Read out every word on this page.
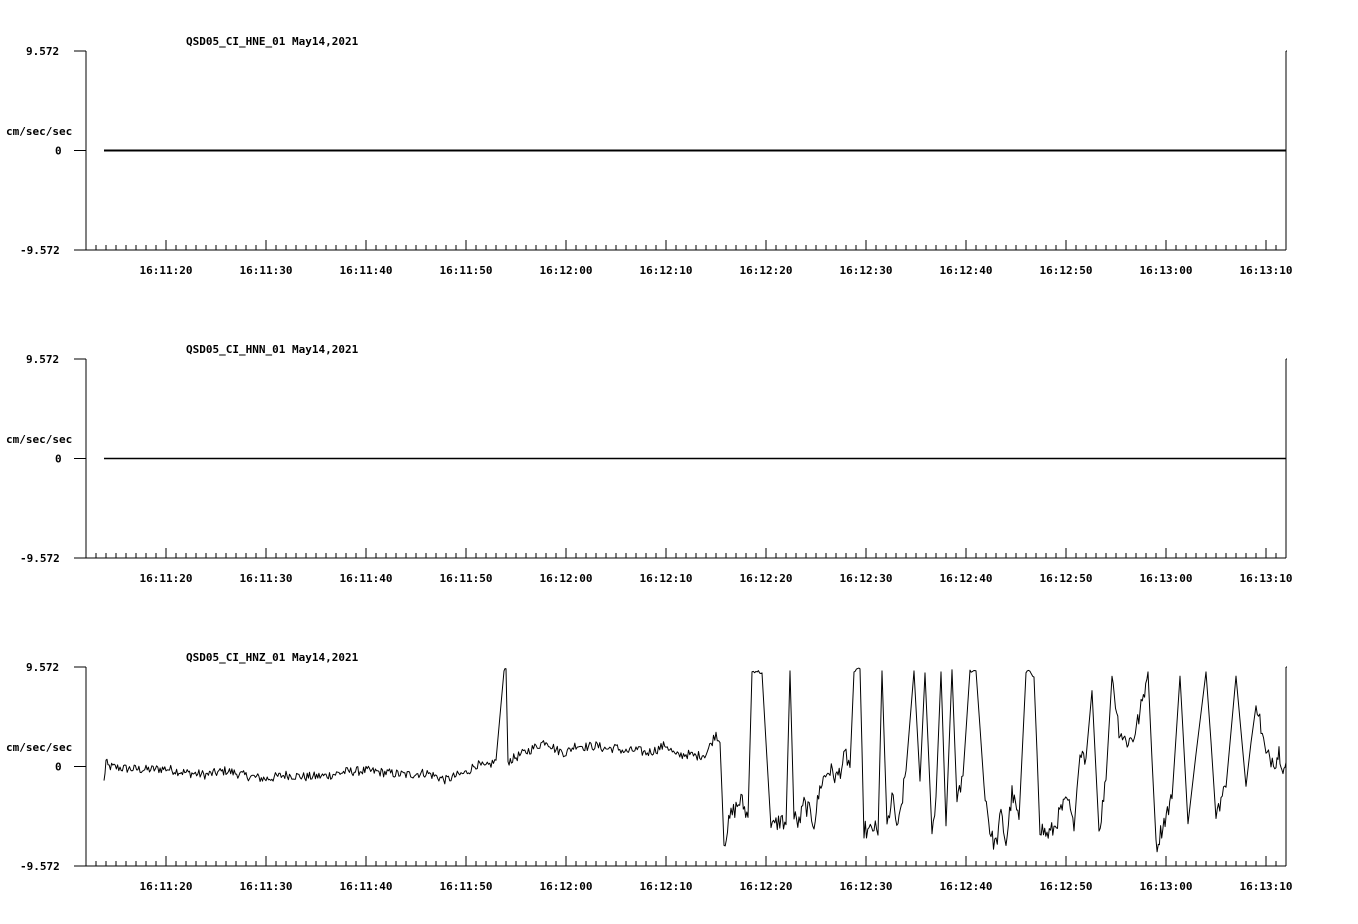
QSD05_CI_HNE_01 May14,2021
cm/sec/sec
9.572
0
-9.572
16:11:20	16:11:30	16:11:40	16:11:50	16:12:00	16:12:10	16:12:20	16:12:30	16:12:40	16:12:50	16:13:00	16:13:10
QSD05_CI_HNN_01 May14,2021
cm/sec/sec
9.572
0
-9.572
16:11:20	16:11:30	16:11:40	16:11:50	16:12:00	16:12:10	16:12:20	16:12:30	16:12:40	16:12:50	16:13:00	16:13:10
QSD05_CI_HNZ_01 May14,2021
cm/sec/sec
9.572
0
-9.572
16:11:20	16:11:30	16:11:40	16:11:50	16:12:00	16:12:10	16:12:20	16:12:30	16:12:40	16:12:50	16:13:00	16:13:10
